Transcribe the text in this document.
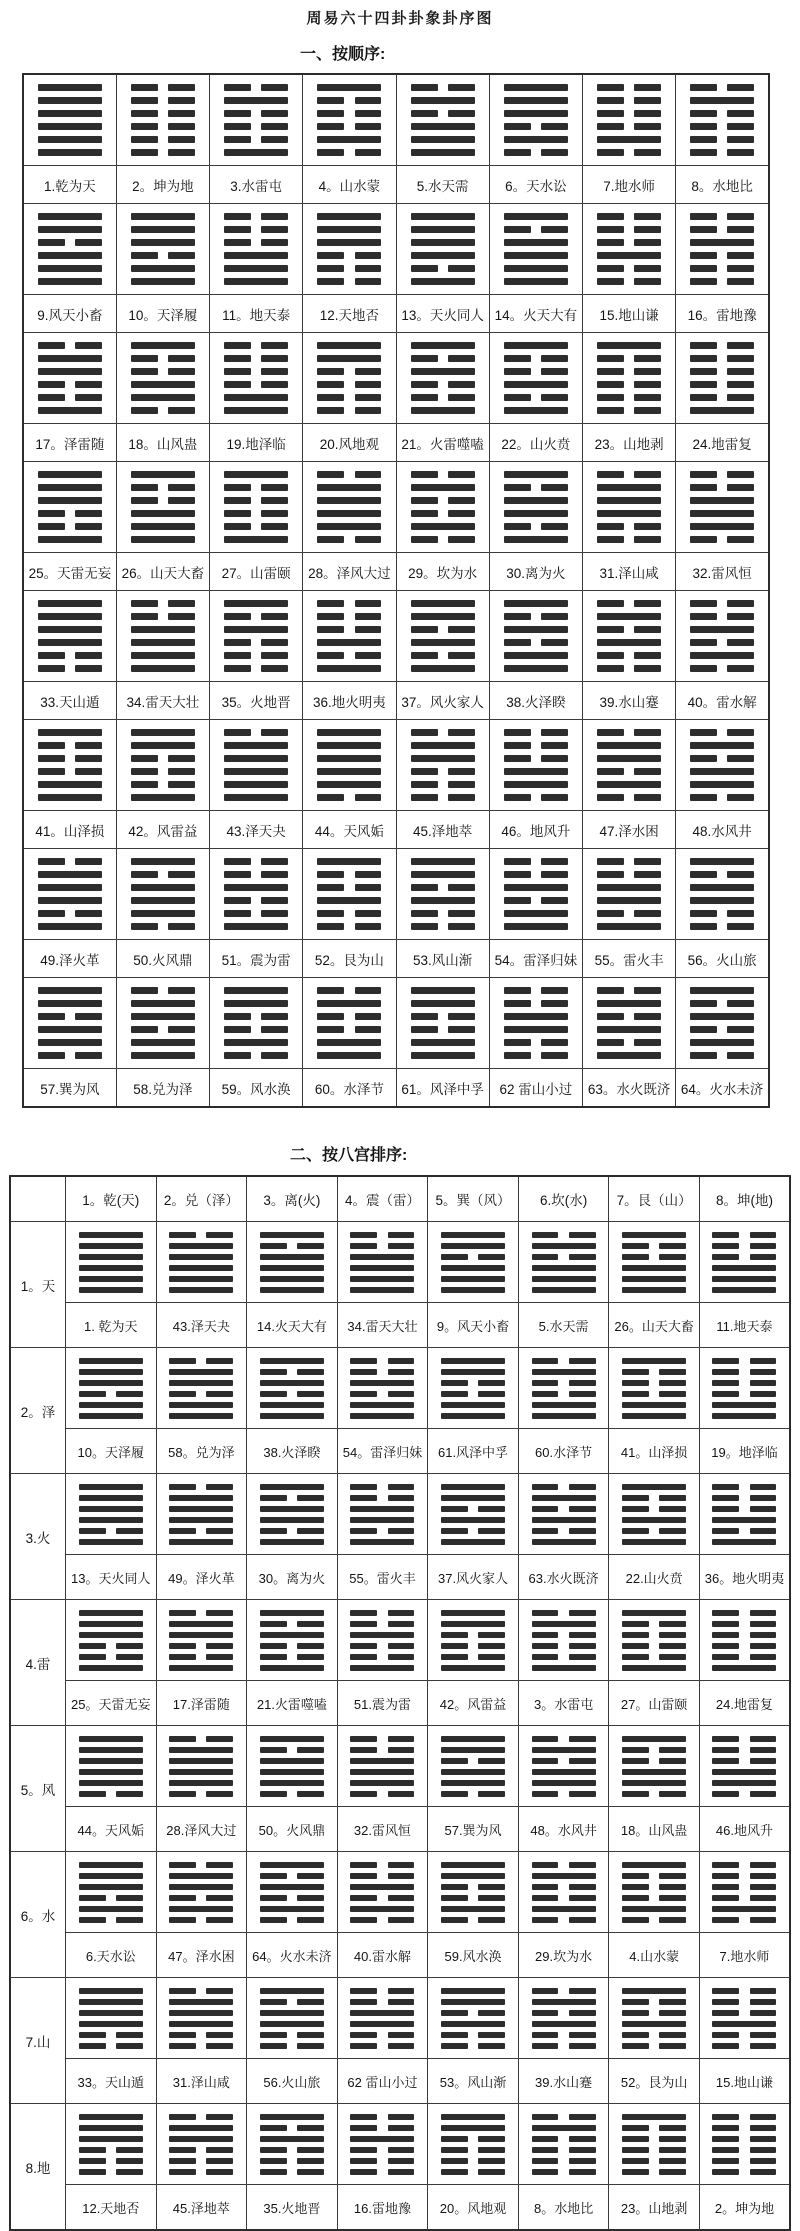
周易六十四卦卦象卦序图
一、按顺序:

1.乾为天	2。坤为地	3.水雷屯	4。山水蒙	5.水天需	6。天水讼	7.地水师	8。水地比

9.风天小畜	10。天泽履	11。地天泰	12.天地否	13。天火同人	14。火天大有	15.地山谦	16。雷地豫

17。泽雷随	18。山风蛊	19.地泽临	20.风地观	21。火雷噬嗑	22。山火贲	23。山地剥	24.地雷复

25。天雷无妄	26。山天大畜	27。山雷颐	28。泽风大过	29。坎为水	30.离为火	31.泽山咸	32.雷风恒

33.天山遁	34.雷天大壮	35。火地晋	36.地火明夷	37。风火家人	38.火泽睽	39.水山蹇	40。雷水解

41。山泽损	42。风雷益	43.泽天夬	44。天风姤	45.泽地萃	46。地风升	47.泽水困	48.水风井

49.泽火革	50.火风鼎	51。震为雷	52。艮为山	53.风山渐	54。雷泽归妹	55。雷火丰	56。火山旅

57.巽为风	58.兑为泽	59。风水涣	60。水泽节	61。风泽中孚	62 雷山小过	63。水火既济	64。火水未济
二、按八宫排序:
	1。乾(天)	2。兑（泽）	3。离(火)	4。震（雷）	5。巽（风）	6.坎(水)	7。艮（山）	8。坤(地)
1。天	

	1. 乾为天	43.泽天夬	14.火天大有	34.雷天大壮	9。风天小畜	5.水天需	26。山天大畜	11.地天泰
2。泽	

	10。天泽履	58。兑为泽	38.火泽睽	54。雷泽归妹	61.风泽中孚	60.水泽节	41。山泽损	19。地泽临
3.火	

	13。天火同人	49。泽火革	30。离为火	55。雷火丰	37.风火家人	63.水火既济	22.山火贲	36。地火明夷
4.雷	

	25。天雷无妄	17.泽雷随	21.火雷噬嗑	51.震为雷	42。风雷益	3。水雷屯	27。山雷颐	24.地雷复
5。风	

	44。天风姤	28.泽风大过	50。火风鼎	32.雷风恒	57.巽为风	48。水风井	18。山风蛊	46.地风升
6。水	

	6.天水讼	47。泽水困	64。火水未济	40.雷水解	59.风水涣	29.坎为水	4.山水蒙	7.地水师
7.山	

	33。天山遁	31.泽山咸	56.火山旅	62 雷山小过	53。风山渐	39.水山蹇	52。艮为山	15.地山谦
8.地	

	12.天地否	45.泽地萃	35.火地晋	16.雷地豫	20。风地观	8。水地比	23。山地剥	2。坤为地
